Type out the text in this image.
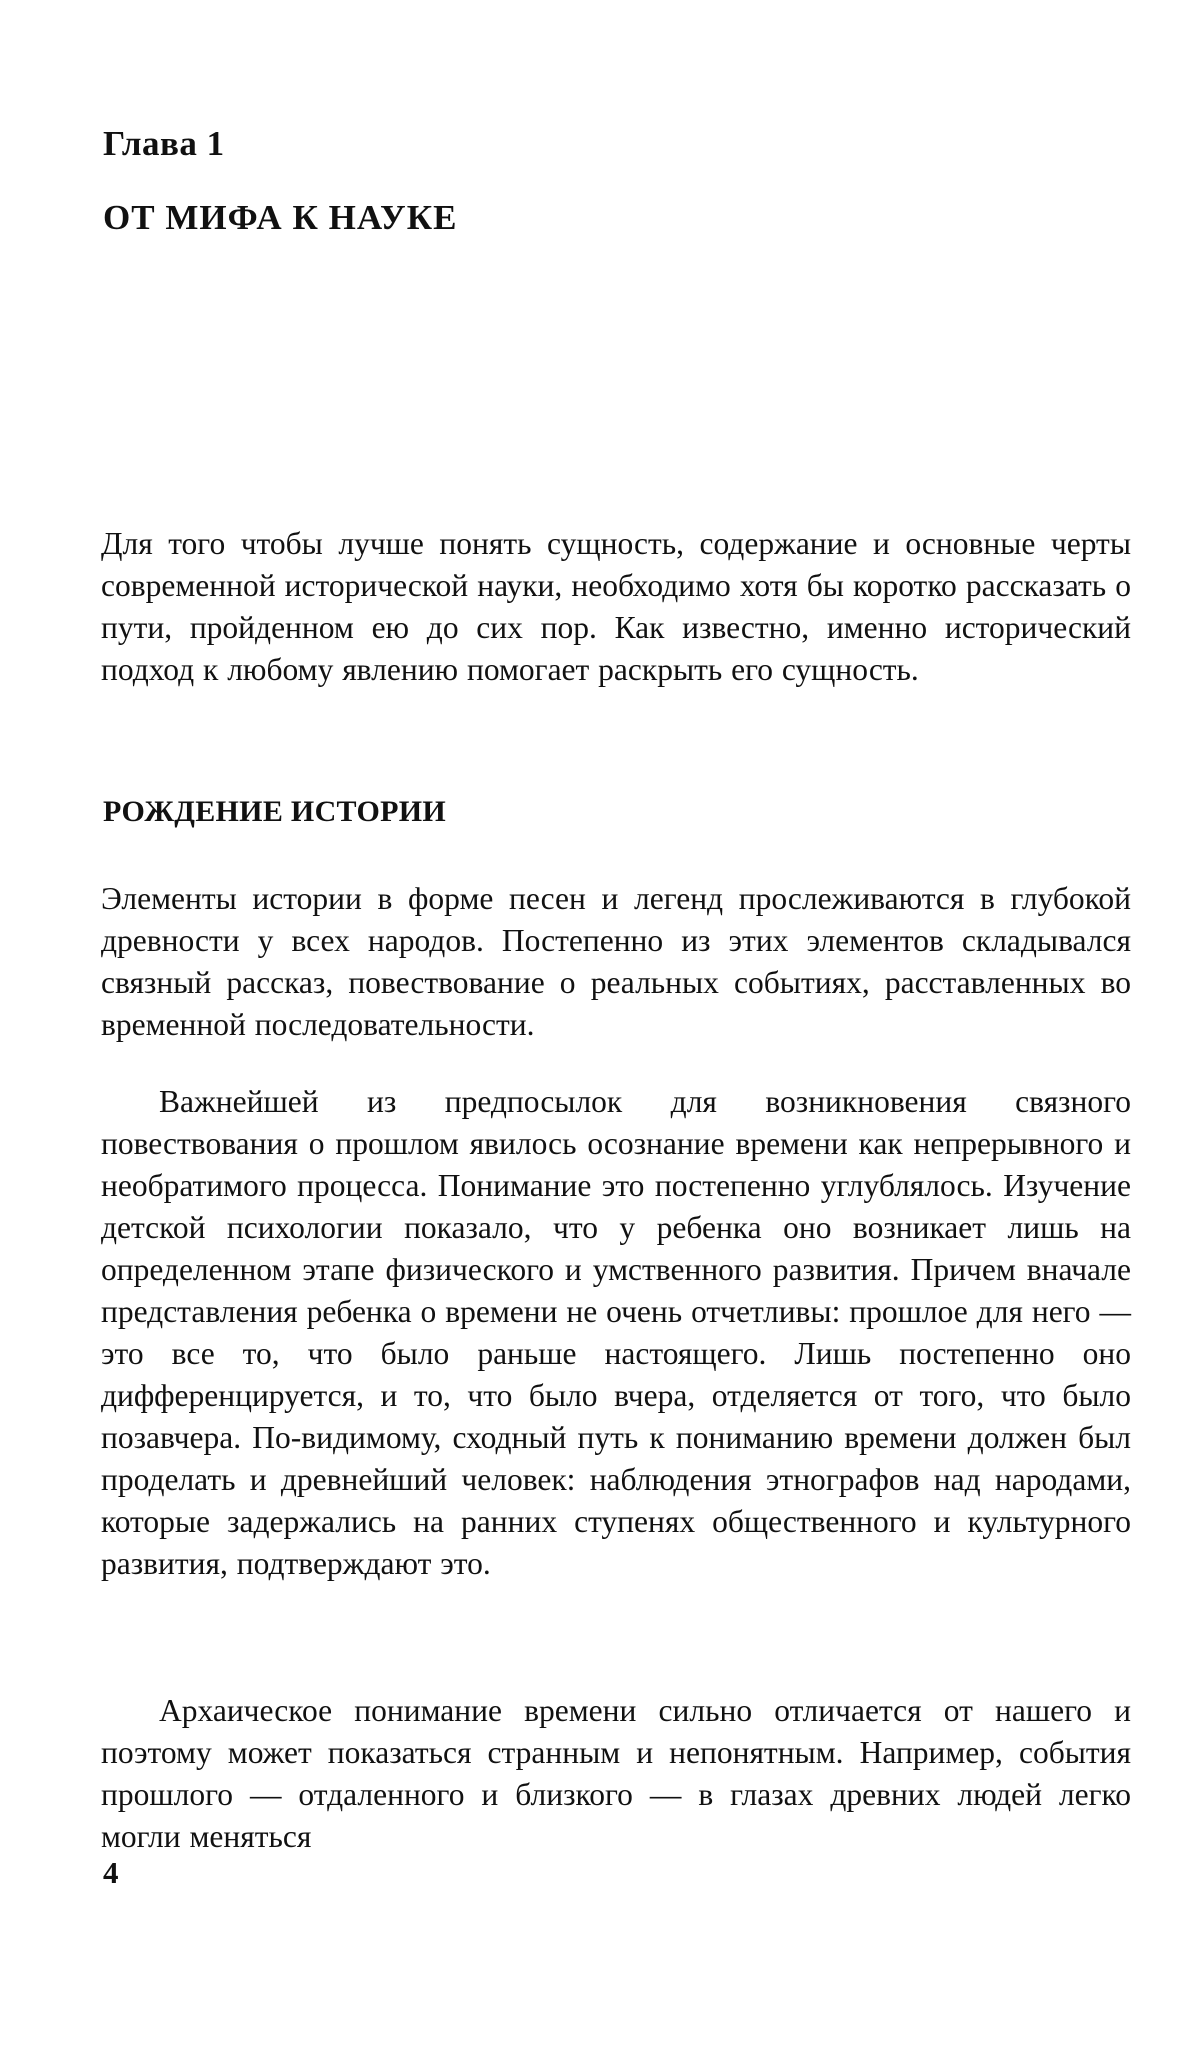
Глава 1
ОТ МИФА К НАУКЕ

Для того чтобы лучше понять сущность, содержание и основные черты современной исторической науки, необходимо хотя бы коротко рассказать о пути, пройденном ею до сих пор. Как известно, именно исторический подход к любому явлению помогает раскрыть его сущность.

РОЖДЕНИЕ ИСТОРИИ

Элементы истории в форме песен и легенд прослеживаются в глубокой древности у всех народов. Постепенно из этих элементов складывался связный рассказ, повествование о реальных событиях, расставленных во временной последовательности.

Важнейшей из предпосылок для возникновения связного повествования о прошлом явилось осознание времени как непрерывного и необратимого процесса. Понимание это постепенно углублялось. Изучение детской психологии показало, что у ребенка оно возникает лишь на определенном этапе физического и умственного развития. Причем вначале представления ребенка о времени не очень отчетливы: прошлое для него — это все то, что было раньше настоящего. Лишь постепенно оно дифференцируется, и то, что было вчера, отделяется от того, что было позавчера. По-видимому, сходный путь к пониманию времени должен был проделать и древнейший человек: наблюдения этнографов над народами, которые задержались на ранних ступенях общественного и культурного развития, подтверждают это.

Архаическое понимание времени сильно отличается от нашего и поэтому может показаться странным и непонятным. Например, события прошлого — отдаленного и близкого — в глазах древних людей легко могли меняться

4
